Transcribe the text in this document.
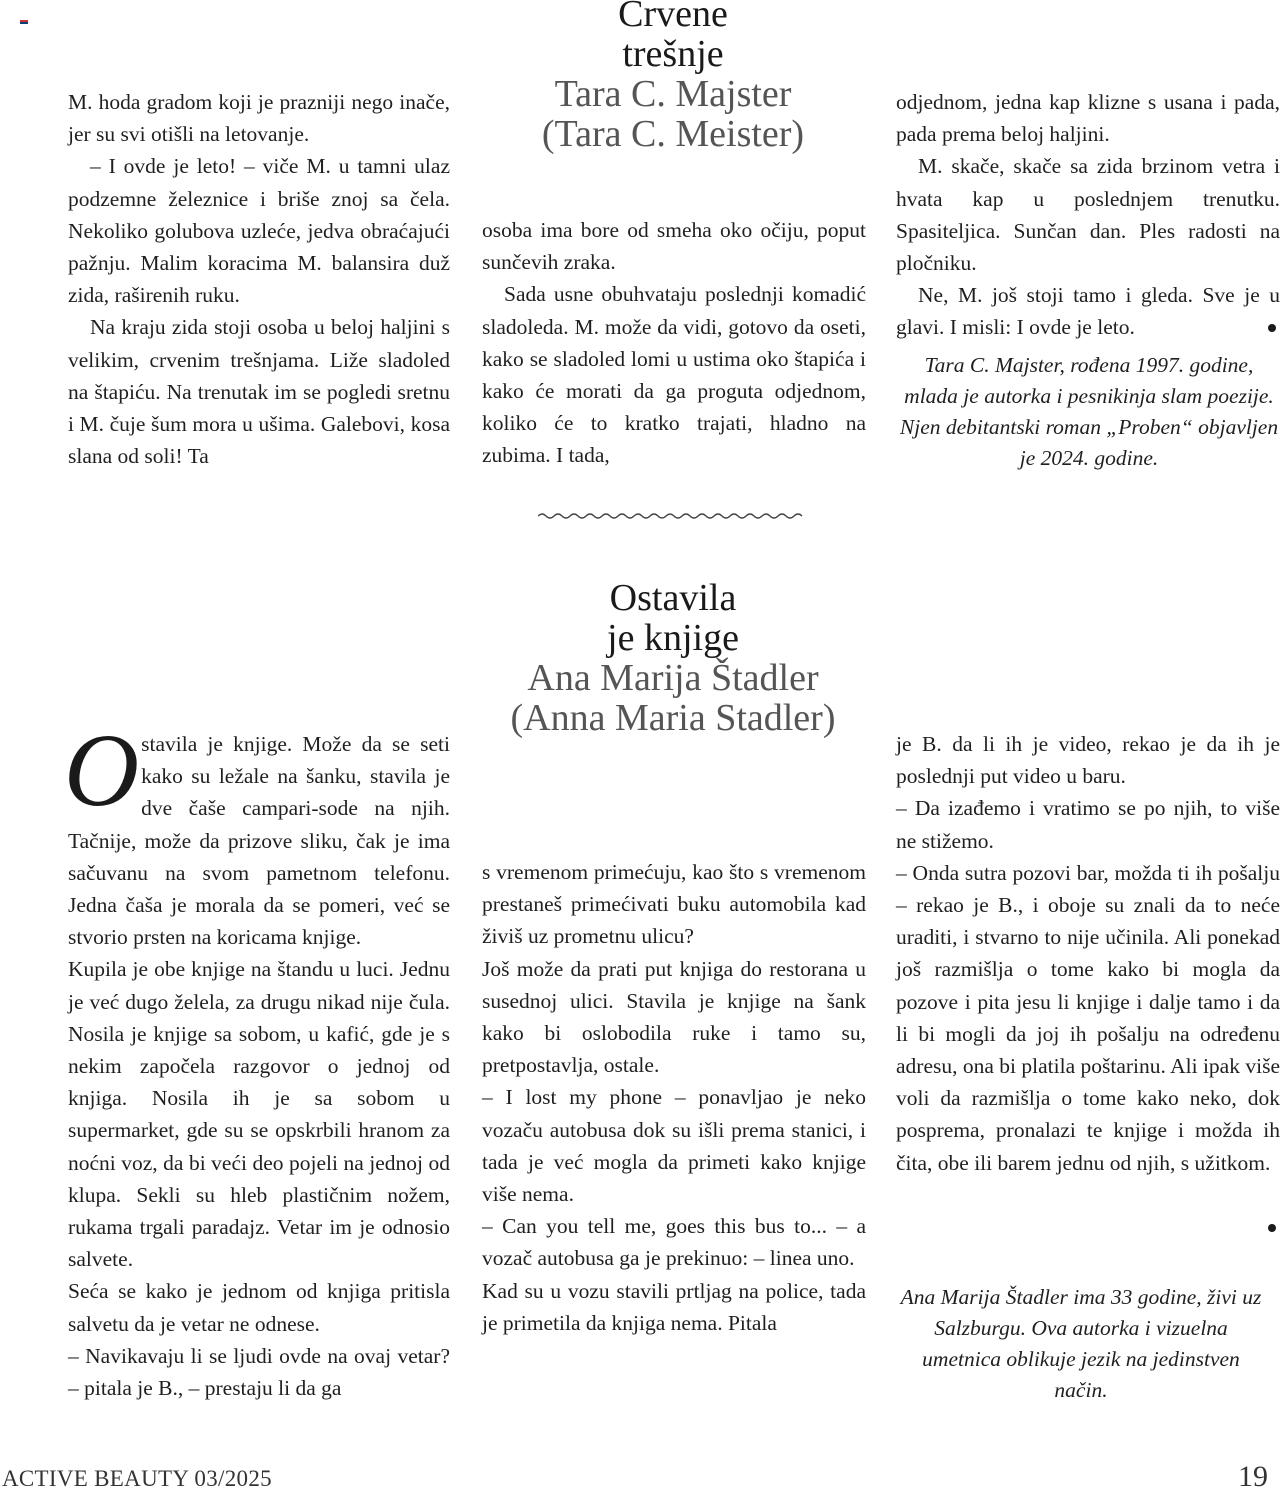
Crvene
trešnje
Tara C. Majster
(Tara C. Meister)

M. hoda gradom koji je prazniji nego inače, jer su svi otišli na letovanje.

– I ovde je leto! – viče M. u tamni ulaz podzemne železnice i briše znoj sa čela. Nekoliko golubova uzleće, jedva obraćajući pažnju. Malim koracima M. balansira duž zida, raširenih ruku.

Na kraju zida stoji osoba u beloj haljini s velikim, crvenim trešnjama. Liže sladoled na štapiću. Na trenutak im se pogledi sretnu i M. čuje šum mora u ušima. Galebovi, kosa slana od soli! Ta

osoba ima bore od smeha oko očiju, poput sunčevih zraka.

Sada usne obuhvataju poslednji komadić sladoleda. M. može da vidi, gotovo da oseti, kako se sladoled lomi u ustima oko štapića i kako će morati da ga proguta odjednom, koliko će to kratko trajati, hladno na zubima. I tada,

odjednom, jedna kap klizne s usana i pada, pada prema beloj haljini.

M. skače, skače sa zida brzinom vetra i hvata kap u poslednjem trenutku. Spasiteljica. Sunčan dan. Ples radosti na pločniku.

Ne, M. još stoji tamo i gleda. Sve je u glavi. I misli: I ovde je leto.

Tara C. Majster, rođena 1997. godine, mlada je autorka i pesnikinja slam poezije. Njen debitantski roman „Proben“ objavljen je 2024. godine.
Ostavila
je knjige
Ana Marija Štadler
(Anna Maria Stadler)

Ostavila je knjige. Može da se seti kako su ležale na šanku, stavila je dve čaše campari-sode na njih. Tačnije, može da prizove sliku, čak je ima sačuvanu na svom pametnom telefonu. Jedna čaša je morala da se pomeri, već se stvorio prsten na koricama knjige.

Kupila je obe knjige na štandu u luci. Jednu je već dugo želela, za drugu nikad nije čula. Nosila je knjige sa sobom, u kafić, gde je s nekim započela razgovor o jednoj od knjiga. Nosila ih je sa sobom u supermarket, gde su se opskrbili hranom za noćni voz, da bi veći deo pojeli na jednoj od klupa. Sekli su hleb plastičnim nožem, rukama trgali paradajz. Vetar im je odnosio salvete.

Seća se kako je jednom od knjiga pritisla salvetu da je vetar ne odnese.

– Navikavaju li se ljudi ovde na ovaj vetar? – pitala je B., – prestaju li da ga

s vremenom primećuju, kao što s vremenom prestaneš primećivati buku automobila kad živiš uz prometnu ulicu?

Još može da prati put knjiga do restorana u susednoj ulici. Stavila je knjige na šank kako bi oslobodila ruke i tamo su, pretpostavlja, ostale.

– I lost my phone – ponavljao je neko vozaču autobusa dok su išli prema stanici, i tada je već mogla da primeti kako knjige više nema.

– Can you tell me, goes this bus to... – a vozač autobusa ga je prekinuo: – linea uno.

Kad su u vozu stavili prtljag na police, tada je primetila da knjiga nema. Pitala

je B. da li ih je video, rekao je da ih je poslednji put video u baru.

– Da izađemo i vratimo se po njih, to više ne stižemo.

– Onda sutra pozovi bar, možda ti ih pošalju – rekao je B., i oboje su znali da to neće uraditi, i stvarno to nije učinila. Ali ponekad još razmišlja o tome kako bi mogla da pozove i pita jesu li knjige i dalje tamo i da li bi mogli da joj ih pošalju na određenu adresu, ona bi platila poštarinu. Ali ipak više voli da razmišlja o tome kako neko, dok posprema, pronalazi te knjige i možda ih čita, obe ili barem jednu od njih, s užitkom.

Ana Marija Štadler ima 33 godine, živi uz Salzburgu. Ova autorka i vizuelna umetnica oblikuje jezik na jedinstven način.
ACTIVE BEAUTY 03/2025	19
